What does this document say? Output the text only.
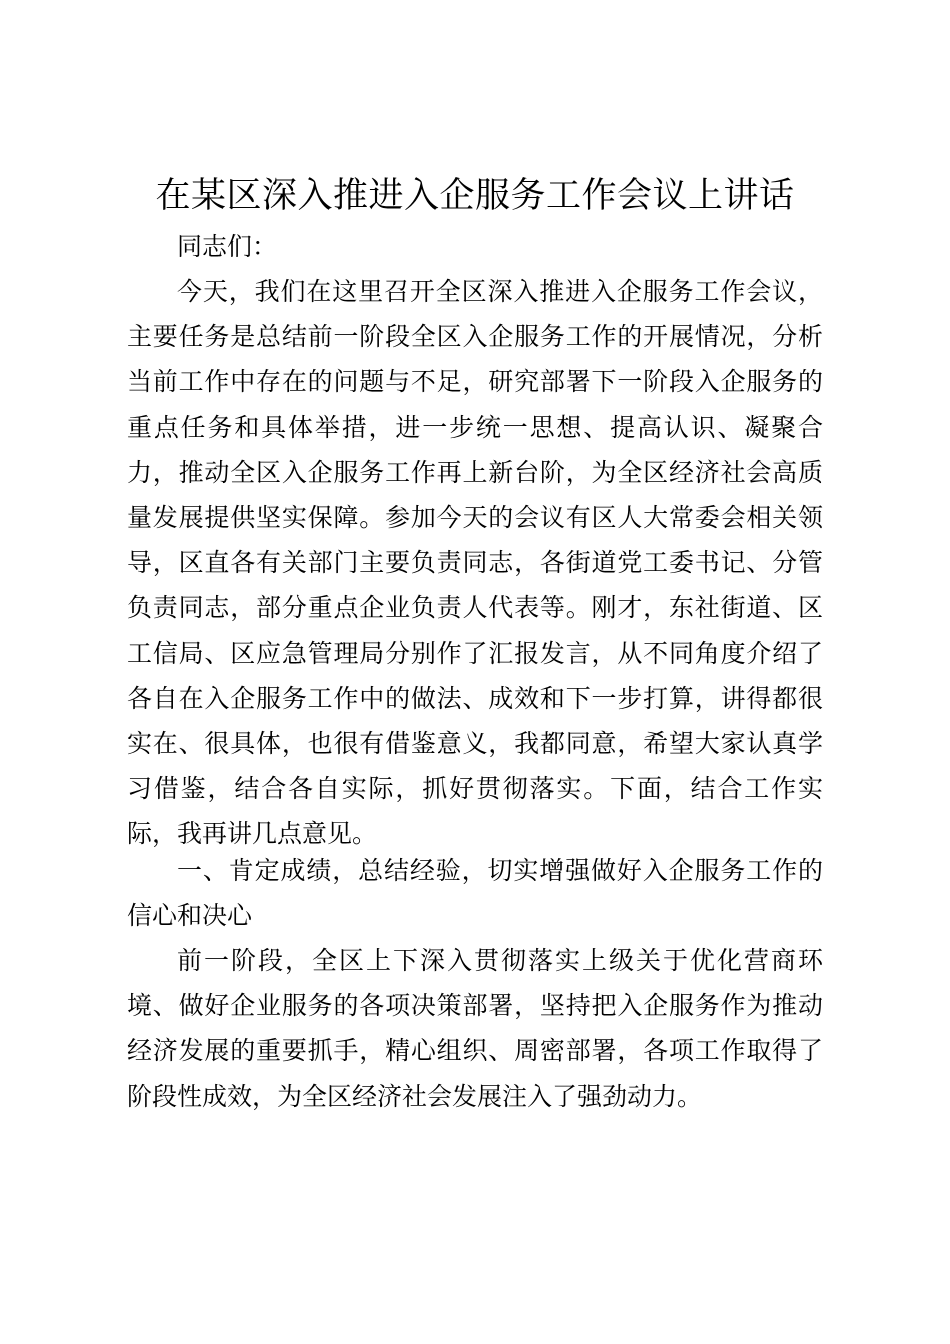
在某区深入推进入企服务工作会议上讲话

同志们：

今天，我们在这里召开全区深入推进入企服务工作会议，主要任务是总结前一阶段全区入企服务工作的开展情况，分析当前工作中存在的问题与不足，研究部署下一阶段入企服务的重点任务和具体举措，进一步统一思想、提高认识、凝聚合力，推动全区入企服务工作再上新台阶，为全区经济社会高质量发展提供坚实保障。参加今天的会议有区人大常委会相关领导，区直各有关部门主要负责同志，各街道党工委书记、分管负责同志，部分重点企业负责人代表等。刚才，东社街道、区工信局、区应急管理局分别作了汇报发言，从不同角度介绍了各自在入企服务工作中的做法、成效和下一步打算，讲得都很实在、很具体，也很有借鉴意义，我都同意，希望大家认真学习借鉴，结合各自实际，抓好贯彻落实。下面，结合工作实际，我再讲几点意见。

一、肯定成绩，总结经验，切实增强做好入企服务工作的信心和决心

前一阶段，全区上下深入贯彻落实上级关于优化营商环境、做好企业服务的各项决策部署，坚持把入企服务作为推动经济发展的重要抓手，精心组织、周密部署，各项工作取得了阶段性成效，为全区经济社会发展注入了强劲动力。
